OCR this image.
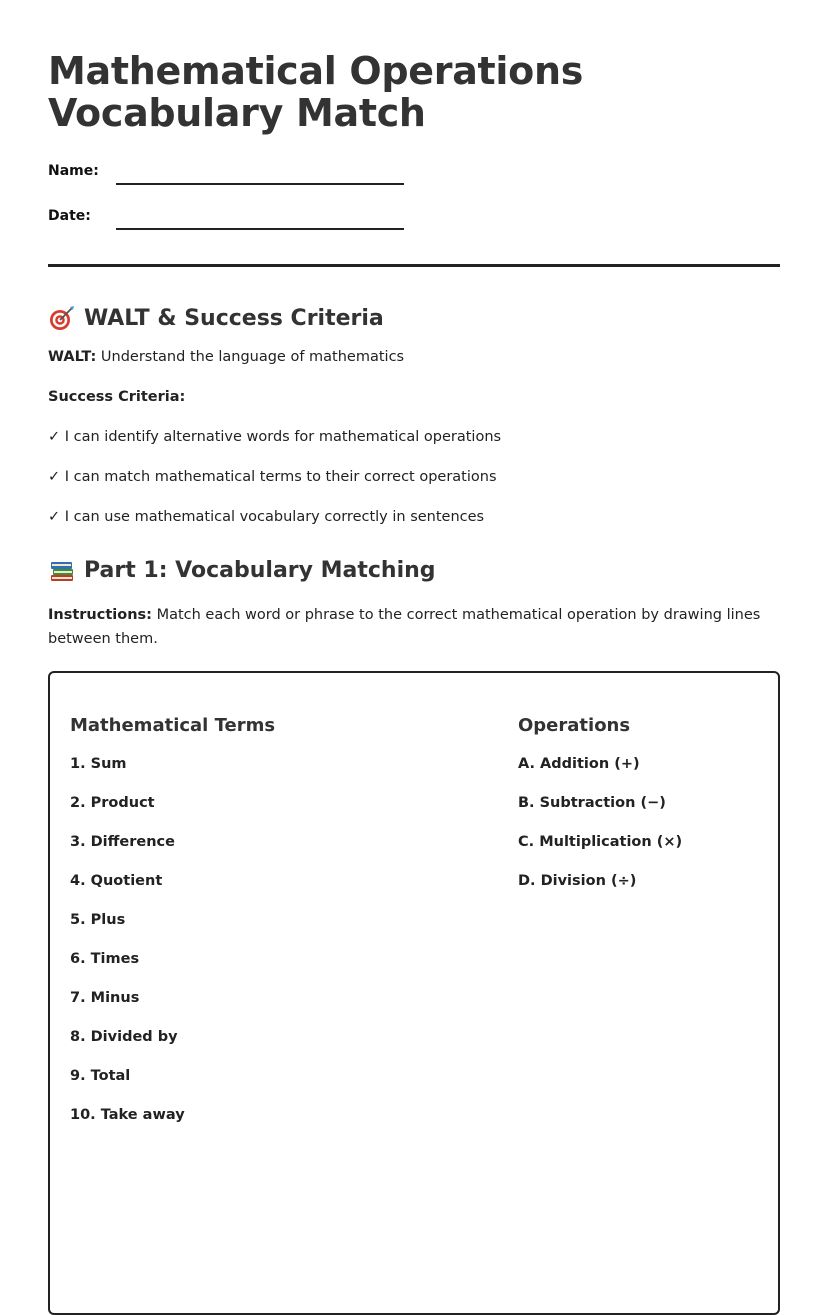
Mathematical Operations Vocabulary Match
Name:
Date:
WALT & Success Criteria

WALT: Understand the language of mathematics

Success Criteria:

✓ I can identify alternative words for mathematical operations

✓ I can match mathematical terms to their correct operations

✓ I can use mathematical vocabulary correctly in sentences

Part 1: Vocabulary Matching

Instructions: Match each word or phrase to the correct mathematical operation by drawing lines between them.

Mathematical Terms
1. Sum
2. Product
3. Difference
4. Quotient
5. Plus
6. Times
7. Minus
8. Divided by
9. Total
10. Take away
Operations
A. Addition (+)
B. Subtraction (−)
C. Multiplication (×)
D. Division (÷)
